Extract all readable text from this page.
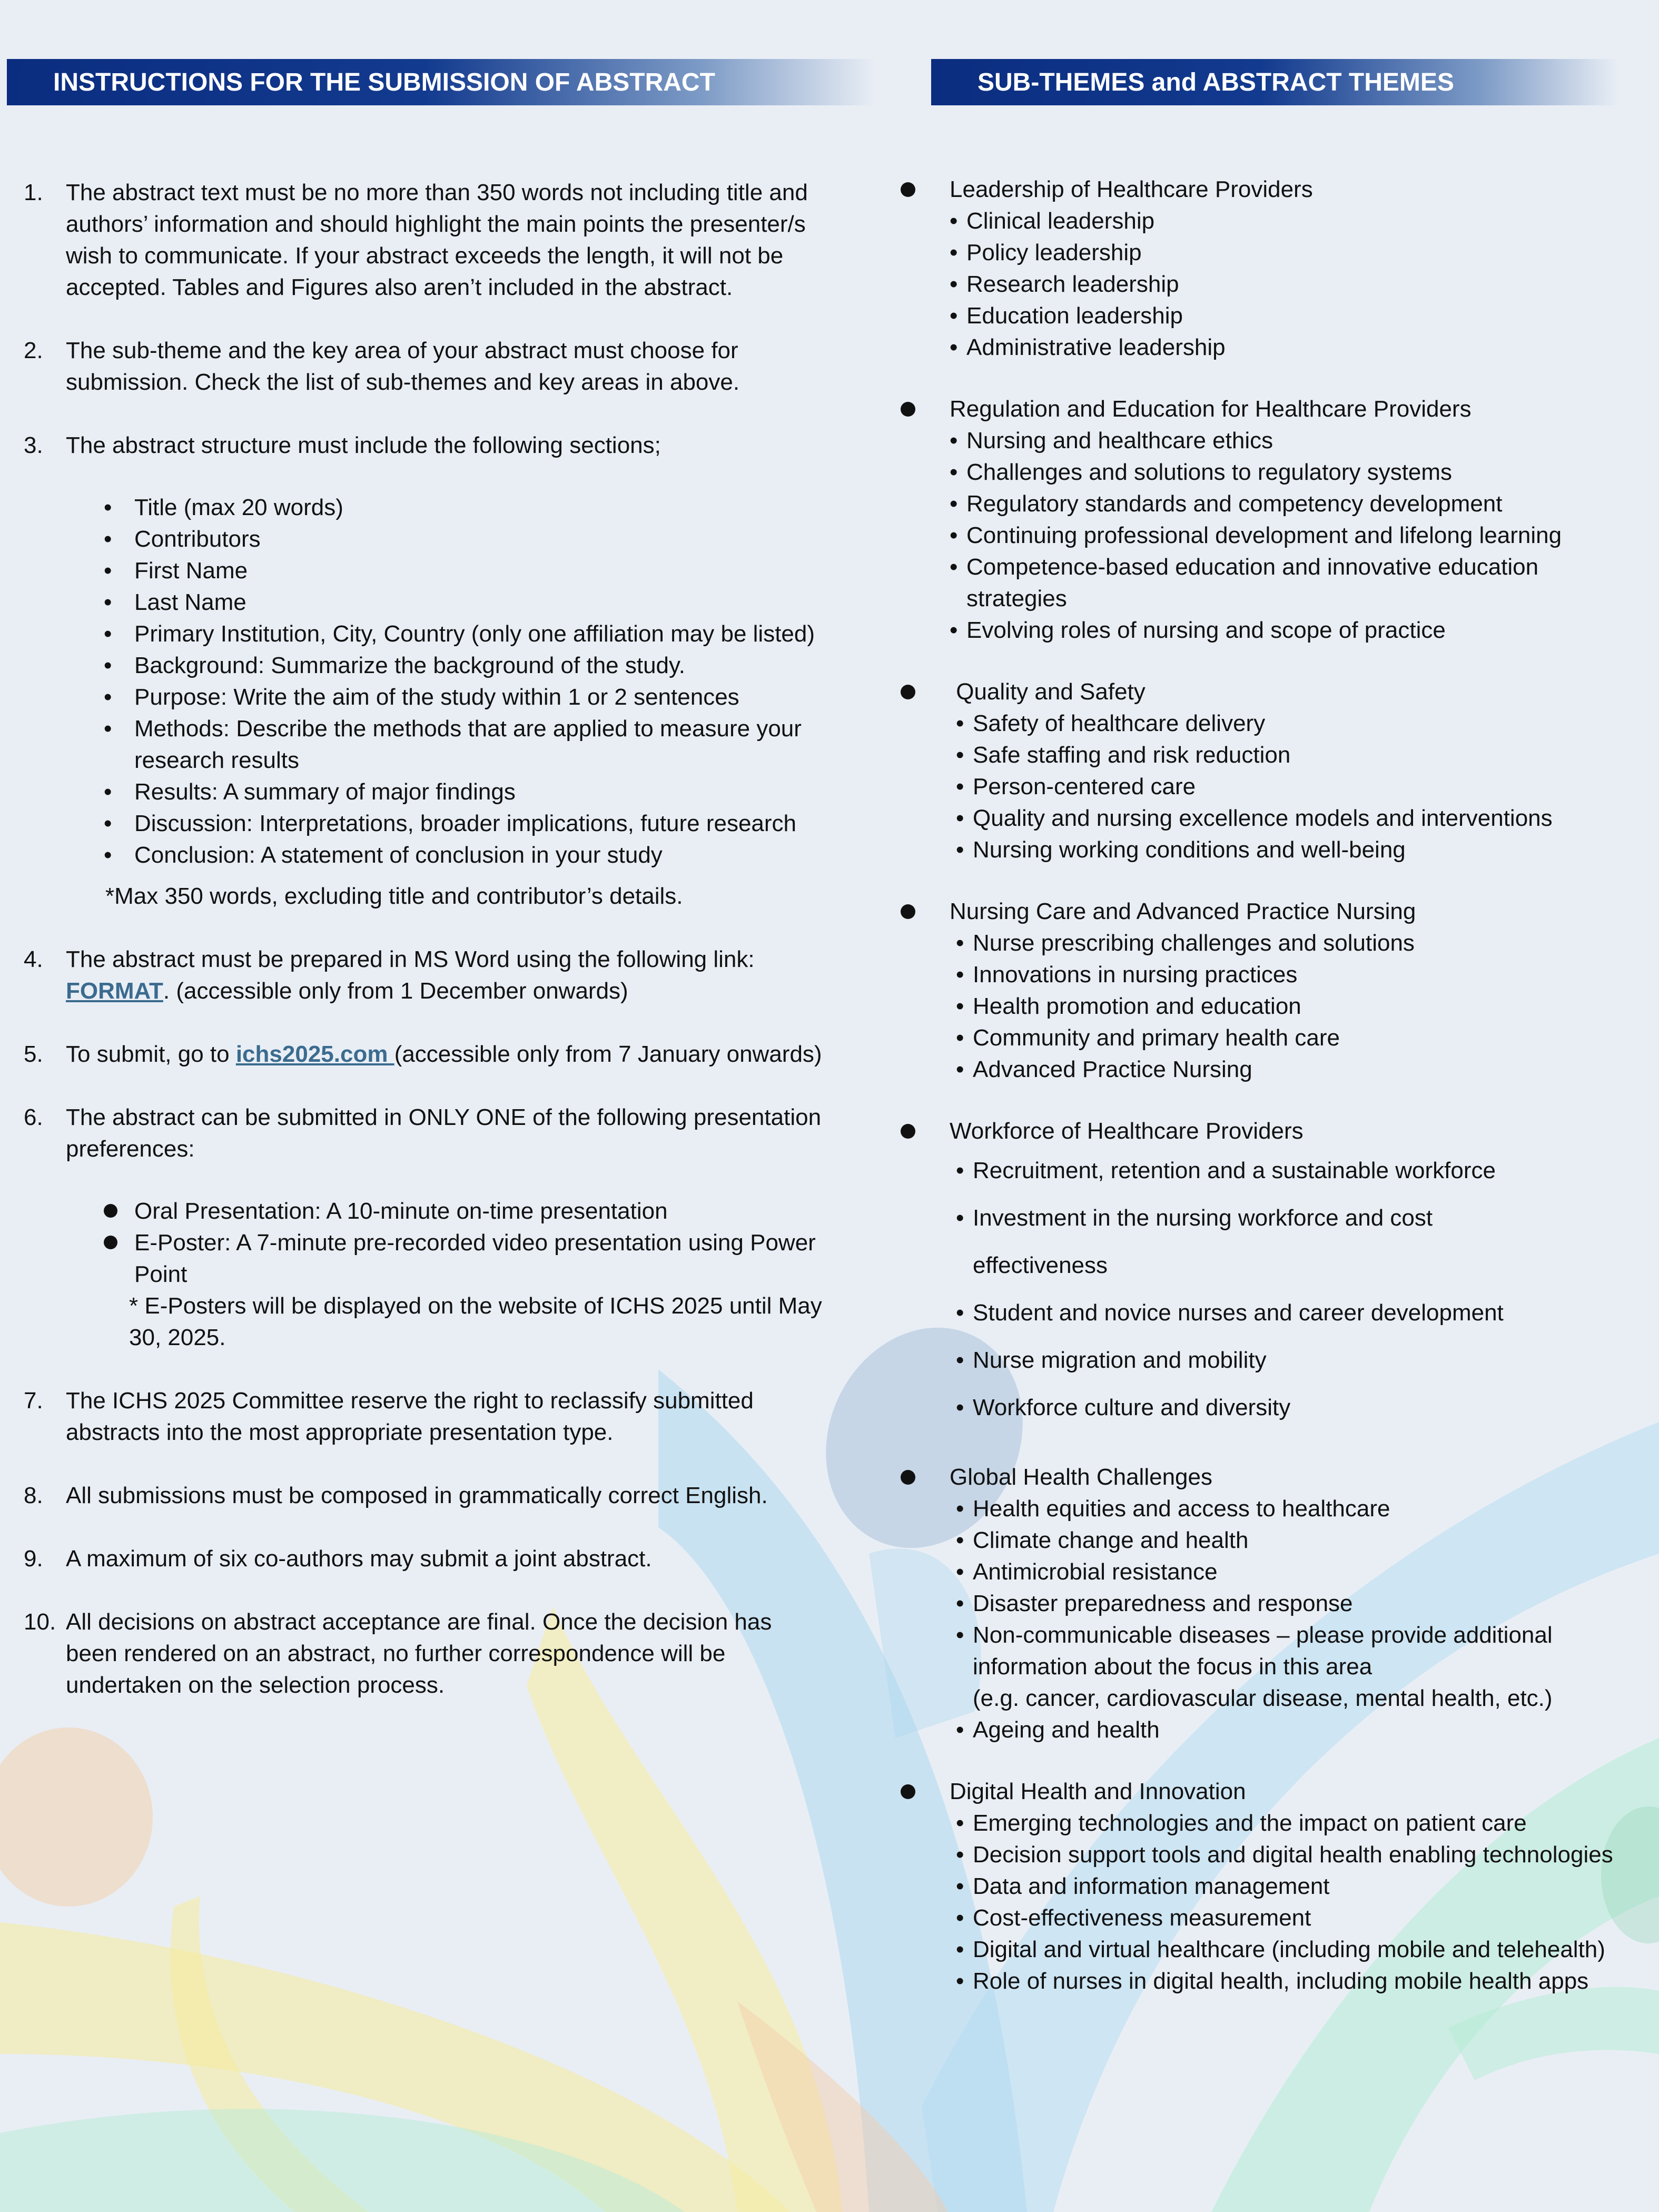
INSTRUCTIONS FOR THE SUBMISSION OF ABSTRACT	SUB-THEMES and ABSTRACT THEMES
1. The abstract text must be no more than 350 words not including title and authors’ information and should highlight the main points the presenter/s wish to communicate. If your abstract exceeds the length, it will not be accepted. Tables and Figures also aren’t included in the abstract.
2. The sub-theme and the key area of your abstract must choose for submission. Check the list of sub-themes and key areas in above.
3. The abstract structure must include the following sections;
• Title (max 20 words)
• Contributors
• First Name
• Last Name
• Primary Institution, City, Country (only one affiliation may be listed)
• Background: Summarize the background of the study.
• Purpose: Write the aim of the study within 1 or 2 sentences
• Methods: Describe the methods that are applied to measure your research results
• Results: A summary of major findings
• Discussion: Interpretations, broader implications, future research
• Conclusion: A statement of conclusion in your study
*Max 350 words, excluding title and contributor’s details.
4. The abstract must be prepared in MS Word using the following link: FORMAT. (accessible only from 1 December onwards)
5. To submit, go to ichs2025.com (accessible only from 7 January onwards)
6. The abstract can be submitted in ONLY ONE of the following presentation preferences:
Oral Presentation: A 10-minute on-time presentation
E-Poster: A 7-minute pre-recorded video presentation using Power Point
* E-Posters will be displayed on the website of ICHS 2025 until May 30, 2025.
7. The ICHS 2025 Committee reserve the right to reclassify submitted abstracts into the most appropriate presentation type.
8. All submissions must be composed in grammatically correct English.
9. A maximum of six co-authors may submit a joint abstract.
10. All decisions on abstract acceptance are final. Once the decision has been rendered on an abstract, no further correspondence will be undertaken on the selection process.
Leadership of Healthcare Providers
• Clinical leadership
• Policy leadership
• Research leadership
• Education leadership
• Administrative leadership
Regulation and Education for Healthcare Providers
• Nursing and healthcare ethics
• Challenges and solutions to regulatory systems
• Regulatory standards and competency development
• Continuing professional development and lifelong learning
• Competence-based education and innovative education strategies
• Evolving roles of nursing and scope of practice
Quality and Safety
• Safety of healthcare delivery
• Safe staffing and risk reduction
• Person-centered care
• Quality and nursing excellence models and interventions
• Nursing working conditions and well-being
Nursing Care and Advanced Practice Nursing
• Nurse prescribing challenges and solutions
• Innovations in nursing practices
• Health promotion and education
• Community and primary health care
• Advanced Practice Nursing
Workforce of Healthcare Providers
• Recruitment, retention and a sustainable workforce
• Investment in the nursing workforce and cost effectiveness
• Student and novice nurses and career development
• Nurse migration and mobility
• Workforce culture and diversity
Global Health Challenges
• Health equities and access to healthcare
• Climate change and health
• Antimicrobial resistance
• Disaster preparedness and response
• Non-communicable diseases – please provide additional information about the focus in this area
(e.g. cancer, cardiovascular disease, mental health, etc.)
• Ageing and health
Digital Health and Innovation
• Emerging technologies and the impact on patient care
• Decision support tools and digital health enabling technologies
• Data and information management
• Cost-effectiveness measurement
• Digital and virtual healthcare (including mobile and telehealth)
• Role of nurses in digital health, including mobile health apps
